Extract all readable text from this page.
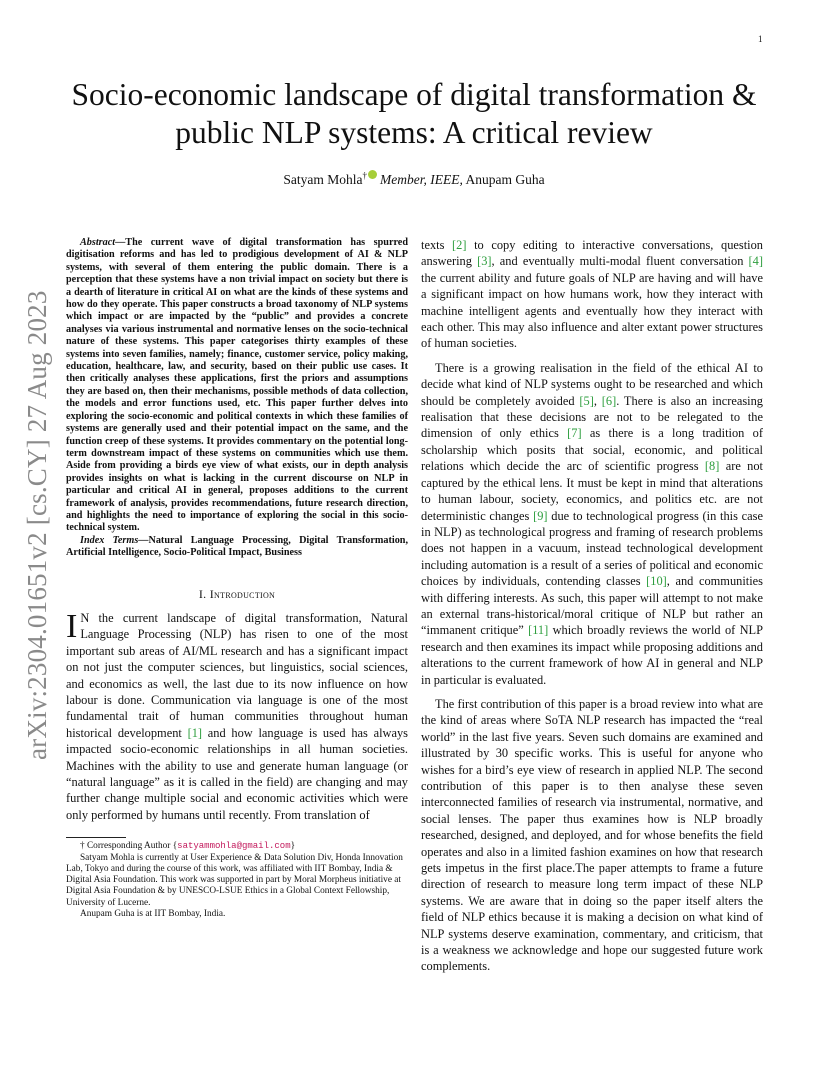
1
arXiv:2304.01651v2 [cs.CY] 27 Aug 2023
Socio-economic landscape of digital transformation & public NLP systems: A critical review
Satyam Mohla† Member, IEEE, Anupam Guha

Abstract—The current wave of digital transformation has spurred digitisation reforms and has led to prodigious development of AI & NLP systems, with several of them entering the public domain. There is a perception that these systems have a non trivial impact on society but there is a dearth of literature in critical AI on what are the kinds of these systems and how do they operate. This paper constructs a broad taxonomy of NLP systems which impact or are impacted by the “public” and provides a concrete analyses via various instrumental and normative lenses on the socio-technical nature of these systems. This paper categorises thirty examples of these systems into seven families, namely; finance, customer service, policy making, education, healthcare, law, and security, based on their public use cases. It then critically analyses these applications, first the priors and assumptions they are based on, then their mechanisms, possible methods of data collection, the models and error functions used, etc. This paper further delves into exploring the socio-economic and political contexts in which these families of systems are generally used and their potential impact on the same, and the function creep of these systems. It provides commentary on the potential long-term downstream impact of these systems on communities which use them. Aside from providing a birds eye view of what exists, our in depth analysis provides insights on what is lacking in the current discourse on NLP in particular and critical AI in general, proposes additions to the current framework of analysis, provides recommendations, future research direction, and highlights the need to importance of exploring the social in this socio-technical system.

Index Terms—Natural Language Processing, Digital Transformation, Artificial Intelligence, Socio-Political Impact, Business

I. Introduction

I N the current landscape of digital transformation, Natural Language Processing (NLP) has risen to one of the most important sub areas of AI/ML research and has a significant impact on not just the computer sciences, but linguistics, social sciences, and economics as well, the last due to its now influence on how labour is done. Communication via language is one of the most fundamental trait of human communities throughout human historical development [1] and how language is used has always impacted socio-economic relationships in all human societies. Machines with the ability to use and generate human language (or “natural language” as it is called in the field) are changing and may further change multiple social and economic activities which were only performed by humans until recently. From translation of

† Corresponding Author {satyammohla@gmail.com}

Satyam Mohla is currently at User Experience & Data Solution Div, Honda Innovation Lab, Tokyo and during the course of this work, was affiliated with IIT Bombay, India & Digital Asia Foundation. This work was supported in part by Moral Morpheus initiative at Digital Asia Foundation & by UNESCO-LSUE Ethics in a Global Context Fellowship, University of Lucerne.

Anupam Guha is at IIT Bombay, India.

texts [2] to copy editing to interactive conversations, question answering [3], and eventually multi-modal fluent conversation [4] the current ability and future goals of NLP are having and will have a significant impact on how humans work, how they interact with machine intelligent agents and eventually how they interact with each other. This may also influence and alter extant power structures of human societies.

There is a growing realisation in the field of the ethical AI to decide what kind of NLP systems ought to be researched and which should be completely avoided [5], [6]. There is also an increasing realisation that these decisions are not to be relegated to the dimension of only ethics [7] as there is a long tradition of scholarship which posits that social, economic, and political relations which decide the arc of scientific progress [8] are not captured by the ethical lens. It must be kept in mind that alterations to human labour, society, economics, and politics etc. are not deterministic changes [9] due to technological progress (in this case in NLP) as technological progress and framing of research problems does not happen in a vacuum, instead technological development including automation is a result of a series of political and economic choices by individuals, contending classes [10], and communities with differing interests. As such, this paper will attempt to not make an external trans-historical/moral critique of NLP but rather an “immanent critique” [11] which broadly reviews the world of NLP research and then examines its impact while proposing additions and alterations to the current framework of how AI in general and NLP in particular is evaluated.

The first contribution of this paper is a broad review into what are the kind of areas where SoTA NLP research has impacted the “real world” in the last five years. Seven such domains are examined and illustrated by 30 specific works. This is useful for anyone who wishes for a bird’s eye view of research in applied NLP. The second contribution of this paper is to then analyse these seven interconnected families of research via instrumental, normative, and social lenses. The paper thus examines how is NLP broadly researched, designed, and deployed, and for whose benefits the field operates and also in a limited fashion examines on how that research gets impetus in the first place.The paper attempts to frame a future direction of research to measure long term impact of these NLP systems. We are aware that in doing so the paper itself alters the field of NLP ethics because it is making a decision on what kind of NLP systems deserve examination, commentary, and criticism, that is a weakness we acknowledge and hope our suggested future work complements.
